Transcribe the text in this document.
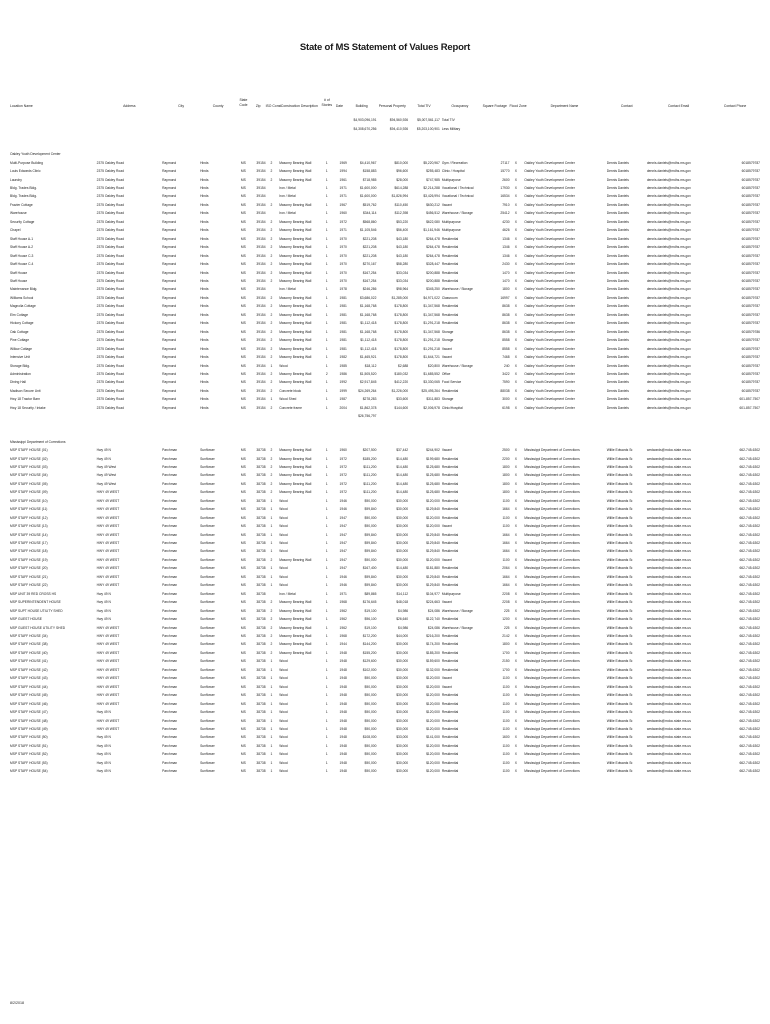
State of MS Statement of Values Report
Location Name	Address	City	County	State
Code	Zip	ISO Const	Construction Description	# of
Stories	Date	Building	Personal Property	Total TIV	Occupancy	Square Footage	Flood Zone	Department Name	Contact	Contact Email	Contact Phone

										$4,903,096,191	$94,560,926	$5,007,561,117	Total TIV						
										$4,308,670,256	$94,410,926	$5,203,100,901	Less Military						

Oakley Youth Development Center																			
Multi-Purpose Building	2375 Oakley Road	Raymond	Hinds	MS	39154	2	Masonry Bearing Wall	1	1969	$4,410,967	$810,000	$5,220,967	Gym / Recreation	27117	X	Oakley Youth Development Center	Dennis Daniels	dennis.daniels@mdhs.ms.gov	6018579787
Louis Edwards Clinic	2375 Oakley Road	Raymond	Hinds	MS	39154	2	Masonry Bearing Wall	1	1994	$158,883	$96,600	$255,483	Clinic / Hospital	15770	X	Oakley Youth Development Center	Dennis Daniels	dennis.daniels@mdhs.ms.gov	6018579787
Laundry	2375 Oakley Road	Raymond	Hinds	MS	39154	2	Masonry Bearing Wall	1	1961	$718,985	$28,000	$747,985	Multipurpose	2600	X	Oakley Youth Development Center	Dennis Daniels	dennis.daniels@mdhs.ms.gov	6018579787
Bldg. Trades Bldg.	2375 Oakley Road	Raymond	Hinds	MS	39154		Iron / Metal	1	1971	$1,600,000	$614,288	$2,214,288	Vocational / Technical	17930	X	Oakley Youth Development Center	Dennis Daniels	dennis.daniels@mdhs.ms.gov	6018579787
Bldg. Trades Bldg.	2375 Oakley Road	Raymond	Hinds	MS	39154		Iron / Metal	1	1971	$1,600,000	$1,826,994	$3,426,994	Vocational / Technical	16534	X	Oakley Youth Development Center	Dennis Daniels	dennis.daniels@mdhs.ms.gov	6018579787
Frazier Cottage	2375 Oakley Road	Raymond	Hinds	MS	39154	2	Masonry Bearing Wall	1	1967	$519,762	$110,450	$630,212	Vacant	7910	X	Oakley Youth Development Center	Dennis Daniels	dennis.daniels@mdhs.ms.gov	6018579787
Warehouse	2375 Oakley Road	Raymond	Hinds	MS	39154		Iron / Metal	1	1960	$344,114	$112,398	$456,512	Warehouse / Storage	25412	X	Oakley Youth Development Center	Dennis Daniels	dennis.daniels@mdhs.ms.gov	6018579787
Security Cottage	2375 Oakley Road	Raymond	Hinds	MS	39154	2	Masonry Bearing Wall	1	1972	$568,860	$53,220	$622,080	Multipurpose	4230	X	Oakley Youth Development Center	Dennis Daniels	dennis.daniels@mdhs.ms.gov	6018579787
Chapel	2375 Oakley Road	Raymond	Hinds	MS	39154	2	Masonry Bearing Wall	1	1971	$1,105,546	$56,400	$1,161,946	Multipurpose	4626	X	Oakley Youth Development Center	Dennis Daniels	dennis.daniels@mdhs.ms.gov	6018579787
Staff House A-1	2375 Oakley Road	Raymond	Hinds	MS	39154	2	Masonry Bearing Wall	1	1970	$221,208	$43,180	$264,478	Residential	1346	X	Oakley Youth Development Center	Dennis Daniels	dennis.daniels@mdhs.ms.gov	6018579787
Staff House A-2	2375 Oakley Road	Raymond	Hinds	MS	39154	2	Masonry Bearing Wall	1	1970	$221,208	$43,180	$264,478	Residential	1346	X	Oakley Youth Development Center	Dennis Daniels	dennis.daniels@mdhs.ms.gov	6018579787
Staff House C-3	2375 Oakley Road	Raymond	Hinds	MS	39154	2	Masonry Bearing Wall	1	1970	$221,208	$43,180	$264,478	Residential	1346	X	Oakley Youth Development Center	Dennis Daniels	dennis.daniels@mdhs.ms.gov	6018579787
Staff House C-4	2375 Oakley Road	Raymond	Hinds	MS	39154	2	Masonry Bearing Wall	1	1970	$270,167	$58,280	$328,447	Residential	2430	X	Oakley Youth Development Center	Dennis Daniels	dennis.daniels@mdhs.ms.gov	6018579787
Staff House	2375 Oakley Road	Raymond	Hinds	MS	39154	2	Masonry Bearing Wall	1	1970	$167,254	$33,034	$200,888	Residential	1470	X	Oakley Youth Development Center	Dennis Daniels	dennis.daniels@mdhs.ms.gov	6018579787
Staff House	2375 Oakley Road	Raymond	Hinds	MS	39154	2	Masonry Bearing Wall	1	1970	$167,254	$33,034	$200,888	Residential	1470	X	Oakley Youth Development Center	Dennis Daniels	dennis.daniels@mdhs.ms.gov	6018579787
Maintenance Bldg.	2375 Oakley Road	Raymond	Hinds	MS	39154		Iron / Metal	1	1978	$246,286	$98,964	$345,250	Warehouse / Storage	1800	X	Oakley Youth Development Center	Dennis Daniels	dennis.daniels@mdhs.ms.gov	6018579787
Williams School	2375 Oakley Road	Raymond	Hinds	MS	39154	2	Masonry Bearing Wall	1	1981	$3,686,022	$1,285,000	$4,971,022	Classroom	16997	X	Oakley Youth Development Center	Dennis Daniels	dennis.daniels@mdhs.ms.gov	6018579787
Magnolia Cottage	2375 Oakley Road	Raymond	Hinds	MS	39154	2	Masonry Bearing Wall	1	1981	$1,168,768	$178,800	$1,347,568	Residential	8638	X	Oakley Youth Development Center	Dennis Daniels	dennis.daniels@mdhs.ms.gov	6018579787
Elm Cottage	2375 Oakley Road	Raymond	Hinds	MS	39154	2	Masonry Bearing Wall	1	1981	$1,168,768	$178,800	$1,347,568	Residential	8638	X	Oakley Youth Development Center	Dennis Daniels	dennis.daniels@mdhs.ms.gov	6018579787
Hickory Cottage	2375 Oakley Road	Raymond	Hinds	MS	39154	2	Masonry Bearing Wall	1	1981	$1,112,418	$178,800	$1,291,218	Residential	8638	X	Oakley Youth Development Center	Dennis Daniels	dennis.daniels@mdhs.ms.gov	6018579787
Oak Cottage	2375 Oakley Road	Raymond	Hinds	MS	39154	2	Masonry Bearing Wall	1	1981	$1,168,768	$178,800	$1,347,568	Storage	8638	X	Oakley Youth Development Center	Dennis Daniels	dennis.daniels@mdhs.ms.gov	6018579786
Pine Cottage	2375 Oakley Road	Raymond	Hinds	MS	39154	2	Masonry Bearing Wall	1	1981	$1,112,418	$178,800	$1,291,218	Storage	8558	X	Oakley Youth Development Center	Dennis Daniels	dennis.daniels@mdhs.ms.gov	6018579787
Willow Cottage	2375 Oakley Road	Raymond	Hinds	MS	39154	2	Masonry Bearing Wall	1	1981	$1,112,418	$178,800	$1,291,218	Vacant	8558	X	Oakley Youth Development Center	Dennis Daniels	dennis.daniels@mdhs.ms.gov	6018579787
Intensive Unit	2375 Oakley Road	Raymond	Hinds	MS	39154	2	Masonry Bearing Wall	1	1982	$1,465,921	$178,800	$1,644,721	Vacant	7468	X	Oakley Youth Development Center	Dennis Daniels	dennis.daniels@mdhs.ms.gov	6018579787
Storage Bldg.	2375 Oakley Road	Raymond	Hinds	MS	39154	1	Wood	1	1985	$18,112	$2,688	$20,800	Warehouse / Storage	240	X	Oakley Youth Development Center	Dennis Daniels	dennis.daniels@mdhs.ms.gov	6018579787
Administration	2375 Oakley Road	Raymond	Hinds	MS	39154	2	Masonry Bearing Wall	2	1986	$1,505,520	$180,032	$1,685,552	Office	3422	X	Oakley Youth Development Center	Dennis Daniels	dennis.daniels@mdhs.ms.gov	6018579787
Dining Hall	2375 Oakley Road	Raymond	Hinds	MS	39154	2	Masonry Bearing Wall	1	1992	$2,917,845	$412,220	$3,330,065	Food Service	7590	X	Oakley Youth Development Center	Dennis Daniels	dennis.daniels@mdhs.ms.gov	6018579787
Madison Secure Unit	2375 Oakley Road	Raymond	Hinds	MS	39154	2	Concrete block	1	1999	$24,269,264	$1,226,000	$25,495,264	Residential	88038	X	Oakley Youth Development Center	Dennis Daniels	dennis.daniels@mdhs.ms.gov	6018579787
Hwy 18 Tractor Barn	2375 Oakley Road	Raymond	Hinds	MS	39154	1	Wood Shed	1	1987	$278,283	$33,600	$311,883	Storage	3000	X	Oakley Youth Development Center	Dennis Daniels	dennis.daniels@mdhs.ms.gov	601-857-7507
Hwy 18 Security / Intake	2375 Oakley Road	Raymond	Hinds	MS	39154	2	Concrete frame	1	2004	$1,862,378	$144,600	$2,006,978	Clinic/Hospital	6198	X	Oakley Youth Development Center	Dennis Daniels	dennis.daniels@mdhs.ms.gov	601-857-7507
										$26,756,797									

Mississippi Department of Corrections																			
MSP STAFF HOUSE (01)	Hwy 49 N	Parchman	Sunflower	MS	38738	2	Masonry Bearing Wall	1	1960	$207,500	$37,442	$244,902	Vacant	2500	X	Mississippi Department of Corrections	Willie Edwards Sr.	wedwards@mdoc.state.ms.us	662-745-6302
MSP STAFF HOUSE (02)	Hwy 49 N	Parchman	Sunflower	MS	38738	2	Masonry Bearing Wall	1	1972	$185,200	$14,480	$199,680	Residential	2200	X	Mississippi Department of Corrections	Willie Edwards Sr.	wedwards@mdoc.state.ms.us	662-745-6302
MSP STAFF HOUSE (03)	Hwy 49 West	Parchman	Sunflower	MS	38738	2	Masonry Bearing Wall	1	1972	$111,200	$14,480	$125,680	Residential	1800	X	Mississippi Department of Corrections	Willie Edwards Sr.	wedwards@mdoc.state.ms.us	662-745-6302
MSP STAFF HOUSE (04)	Hwy 49 West	Parchman	Sunflower	MS	38738	2	Masonry Bearing Wall	1	1972	$111,200	$14,480	$125,680	Residential	1800	X	Mississippi Department of Corrections	Willie Edwards Sr.	wedwards@mdoc.state.ms.us	662-745-6302
MSP STAFF HOUSE (05)	Hwy 49 West	Parchman	Sunflower	MS	38738	2	Masonry Bearing Wall	1	1972	$111,200	$14,480	$125,680	Residential	1800	X	Mississippi Department of Corrections	Willie Edwards Sr.	wedwards@mdoc.state.ms.us	662-745-6302
MSP STAFF HOUSE (09)	HWY 49 WEST	Parchman	Sunflower	MS	38738	2	Masonry Bearing Wall	1	1972	$111,200	$14,480	$125,680	Residential	1800	X	Mississippi Department of Corrections	Willie Edwards Sr.	wedwards@mdoc.state.ms.us	662-745-6302
MSP STAFF HOUSE (10)	HWY 49 WEST	Parchman	Sunflower	MS	38738	1	Wood	1	1946	$90,000	$30,000	$120,000	Residential	1100	X	Mississippi Department of Corrections	Willie Edwards Sr.	wedwards@mdoc.state.ms.us	662-745-6302
MSP STAFF HOUSE (11)	HWY 49 WEST	Parchman	Sunflower	MS	38738	1	Wood	1	1946	$99,840	$30,000	$129,840	Residential	1664	X	Mississippi Department of Corrections	Willie Edwards Sr.	wedwards@mdoc.state.ms.us	662-745-6302
MSP STAFF HOUSE (12)	HWY 49 WEST	Parchman	Sunflower	MS	38738	1	Wood	1	1947	$90,000	$30,000	$120,000	Residential	1100	X	Mississippi Department of Corrections	Willie Edwards Sr.	wedwards@mdoc.state.ms.us	662-745-6302
MSP STAFF HOUSE (13)	HWY 49 WEST	Parchman	Sunflower	MS	38738	1	Wood	1	1947	$90,000	$30,000	$120,000	Vacant	1100	X	Mississippi Department of Corrections	Willie Edwards Sr.	wedwards@mdoc.state.ms.us	662-745-6302
MSP STAFF HOUSE (14)	HWY 49 WEST	Parchman	Sunflower	MS	38738	1	Wood	1	1947	$99,840	$30,000	$129,840	Residential	1664	X	Mississippi Department of Corrections	Willie Edwards Sr.	wedwards@mdoc.state.ms.us	662-745-6302
MSP STAFF HOUSE (17)	HWY 49 WEST	Parchman	Sunflower	MS	38738	1	Wood	1	1947	$99,840	$30,000	$129,840	Residential	1664	X	Mississippi Department of Corrections	Willie Edwards Sr.	wedwards@mdoc.state.ms.us	662-745-6302
MSP STAFF HOUSE (18)	HWY 49 WEST	Parchman	Sunflower	MS	38738	1	Wood	1	1947	$99,840	$30,000	$129,840	Residential	1664	X	Mississippi Department of Corrections	Willie Edwards Sr.	wedwards@mdoc.state.ms.us	662-745-6302
MSP STAFF HOUSE (19)	HWY 49 WEST	Parchman	Sunflower	MS	38738	2	Masonry Bearing Wall	1	1947	$90,000	$30,000	$120,000	Vacant	1100	X	Mississippi Department of Corrections	Willie Edwards Sr.	wedwards@mdoc.state.ms.us	662-745-6302
MSP STAFF HOUSE (20)	HWY 49 WEST	Parchman	Sunflower	MS	38738	1	Wood	1	1947	$167,400	$14,480	$181,880	Residential	2064	X	Mississippi Department of Corrections	Willie Edwards Sr.	wedwards@mdoc.state.ms.us	662-745-6302
MSP STAFF HOUSE (21)	HWY 49 WEST	Parchman	Sunflower	MS	38738	1	Wood	1	1946	$99,840	$30,000	$129,840	Residential	1664	X	Mississippi Department of Corrections	Willie Edwards Sr.	wedwards@mdoc.state.ms.us	662-745-6302
MSP STAFF HOUSE (22)	HWY 49 WEST	Parchman	Sunflower	MS	38738	1	Wood	1	1946	$99,840	$30,000	$129,840	Residential	1664	X	Mississippi Department of Corrections	Willie Edwards Sr.	wedwards@mdoc.state.ms.us	662-745-6302
MSP UNIT 39 RED CROSS HS	Hwy 49 N	Parchman	Sunflower	MS	38738		Iron / Metal	1	1971	$89,865	$14,112	$104,977	Multipurpose	2208	X	Mississippi Department of Corrections	Willie Edwards Sr.	wedwards@mdoc.state.ms.us	662-745-6302
MSP SUPERINTENDENT HOUSE	Hwy 49 N	Parchman	Sunflower	MS	38738	2	Masonry Bearing Wall	1	1968	$176,645	$48,018	$224,663	Vacant	2208	X	Mississippi Department of Corrections	Willie Edwards Sr.	wedwards@mdoc.state.ms.us	662-745-6302
MSP SUPT HOUSE UTILITY SHED	Hwy 49 N	Parchman	Sunflower	MS	38738	2	Masonry Bearing Wall	1	1962	$19,100	$4,986	$24,086	Warehouse / Storage	225	X	Mississippi Department of Corrections	Willie Edwards Sr.	wedwards@mdoc.state.ms.us	662-745-6302
MSP GUEST HOUSE	Hwy 49 N	Parchman	Sunflower	MS	38738	2	Masonry Bearing Wall	1	1962	$96,100	$26,640	$122,740	Residential	1200	X	Mississippi Department of Corrections	Willie Edwards Sr.	wedwards@mdoc.state.ms.us	662-745-6302
MSP GUEST HOUSE UTILITY SHED	HWY 49 WEST	Parchman	Sunflower	MS	38738	2	Masonry Bearing Wall	1	1962	$19,100	$4,986	$24,086	Warehouse / Storage	225	X	Mississippi Department of Corrections	Willie Edwards Sr.	wedwards@mdoc.state.ms.us	662-745-6302
MSP STAFF HOUSE (34)	HWY 49 WEST	Parchman	Sunflower	MS	38738	2	Masonry Bearing Wall	1	1968	$172,200	$44,000	$216,200	Residential	2142	X	Mississippi Department of Corrections	Willie Edwards Sr.	wedwards@mdoc.state.ms.us	662-745-6302
MSP STAFF HOUSE (38)	HWY 49 WEST	Parchman	Sunflower	MS	38738	2	Masonry Bearing Wall	1	1944	$144,200	$30,000	$174,200	Residential	1800	X	Mississippi Department of Corrections	Willie Edwards Sr.	wedwards@mdoc.state.ms.us	662-745-6302
MSP STAFF HOUSE (40)	HWY 49 WEST	Parchman	Sunflower	MS	38738	2	Masonry Bearing Wall	1	1948	$155,200	$30,000	$185,200	Residential	1700	X	Mississippi Department of Corrections	Willie Edwards Sr.	wedwards@mdoc.state.ms.us	662-745-6302
MSP STAFF HOUSE (41)	HWY 49 WEST	Parchman	Sunflower	MS	38738	1	Wood	1	1948	$129,600	$30,000	$159,600	Residential	2150	X	Mississippi Department of Corrections	Willie Edwards Sr.	wedwards@mdoc.state.ms.us	662-745-6302
MSP STAFF HOUSE (42)	HWY 49 WEST	Parchman	Sunflower	MS	38738	1	Wood	1	1948	$102,000	$30,000	$132,000	Residential	1700	X	Mississippi Department of Corrections	Willie Edwards Sr.	wedwards@mdoc.state.ms.us	662-745-6302
MSP STAFF HOUSE (43)	HWY 49 WEST	Parchman	Sunflower	MS	38738	1	Wood	1	1948	$90,000	$30,000	$120,000	Vacant	1100	X	Mississippi Department of Corrections	Willie Edwards Sr.	wedwards@mdoc.state.ms.us	662-745-6302
MSP STAFF HOUSE (44)	HWY 49 WEST	Parchman	Sunflower	MS	38738	1	Wood	1	1948	$90,000	$30,000	$120,000	Vacant	1100	X	Mississippi Department of Corrections	Willie Edwards Sr.	wedwards@mdoc.state.ms.us	662-745-6302
MSP STAFF HOUSE (45)	HWY 49 WEST	Parchman	Sunflower	MS	38738	1	Wood	1	1948	$90,000	$30,000	$120,000	Residential	1100	X	Mississippi Department of Corrections	Willie Edwards Sr.	wedwards@mdoc.state.ms.us	662-745-6302
MSP STAFF HOUSE (46)	HWY 49 WEST	Parchman	Sunflower	MS	38738	1	Wood	1	1948	$90,000	$30,000	$120,000	Residential	1100	X	Mississippi Department of Corrections	Willie Edwards Sr.	wedwards@mdoc.state.ms.us	662-745-6302
MSP STAFF HOUSE (47)	Hwy 49 N	Parchman	Sunflower	MS	38738	1	Wood	1	1948	$90,000	$30,000	$120,000	Residential	1100	X	Mississippi Department of Corrections	Willie Edwards Sr.	wedwards@mdoc.state.ms.us	662-745-6302
MSP STAFF HOUSE (48)	HWY 49 WEST	Parchman	Sunflower	MS	38738	1	Wood	1	1948	$90,000	$30,000	$120,000	Residential	1100	X	Mississippi Department of Corrections	Willie Edwards Sr.	wedwards@mdoc.state.ms.us	662-745-6302
MSP STAFF HOUSE (49)	HWY 49 WEST	Parchman	Sunflower	MS	38738	1	Wood	1	1948	$90,000	$30,000	$120,000	Residential	1100	X	Mississippi Department of Corrections	Willie Edwards Sr.	wedwards@mdoc.state.ms.us	662-745-6302
MSP STAFF HOUSE (50)	Hwy 49 N	Parchman	Sunflower	MS	38738	1	Wood	1	1948	$108,000	$33,000	$141,000	Residential	1600	X	Mississippi Department of Corrections	Willie Edwards Sr.	wedwards@mdoc.state.ms.us	662-745-6302
MSP STAFF HOUSE (51)	Hwy 49 N	Parchman	Sunflower	MS	38738	1	Wood	1	1948	$90,000	$30,000	$120,000	Residential	1100	X	Mississippi Department of Corrections	Willie Edwards Sr.	wedwards@mdoc.state.ms.us	662-745-6302
MSP STAFF HOUSE (52)	Hwy 49 N	Parchman	Sunflower	MS	38738	1	Wood	1	1948	$90,000	$30,000	$120,000	Residential	1100	X	Mississippi Department of Corrections	Willie Edwards Sr.	wedwards@mdoc.state.ms.us	662-745-6302
MSP STAFF HOUSE (53)	Hwy 49 N	Parchman	Sunflower	MS	38738	1	Wood	1	1948	$90,000	$30,000	$120,000	Residential	1100	X	Mississippi Department of Corrections	Willie Edwards Sr.	wedwards@mdoc.state.ms.us	662-745-6302
MSP STAFF HOUSE (54)	Hwy 49 N	Parchman	Sunflower	MS	38738	1	Wood	1	1948	$90,000	$30,000	$120,000	Residential	1100	X	Mississippi Department of Corrections	Willie Edwards Sr.	wedwards@mdoc.state.ms.us	662-745-6302
8/2/2018
